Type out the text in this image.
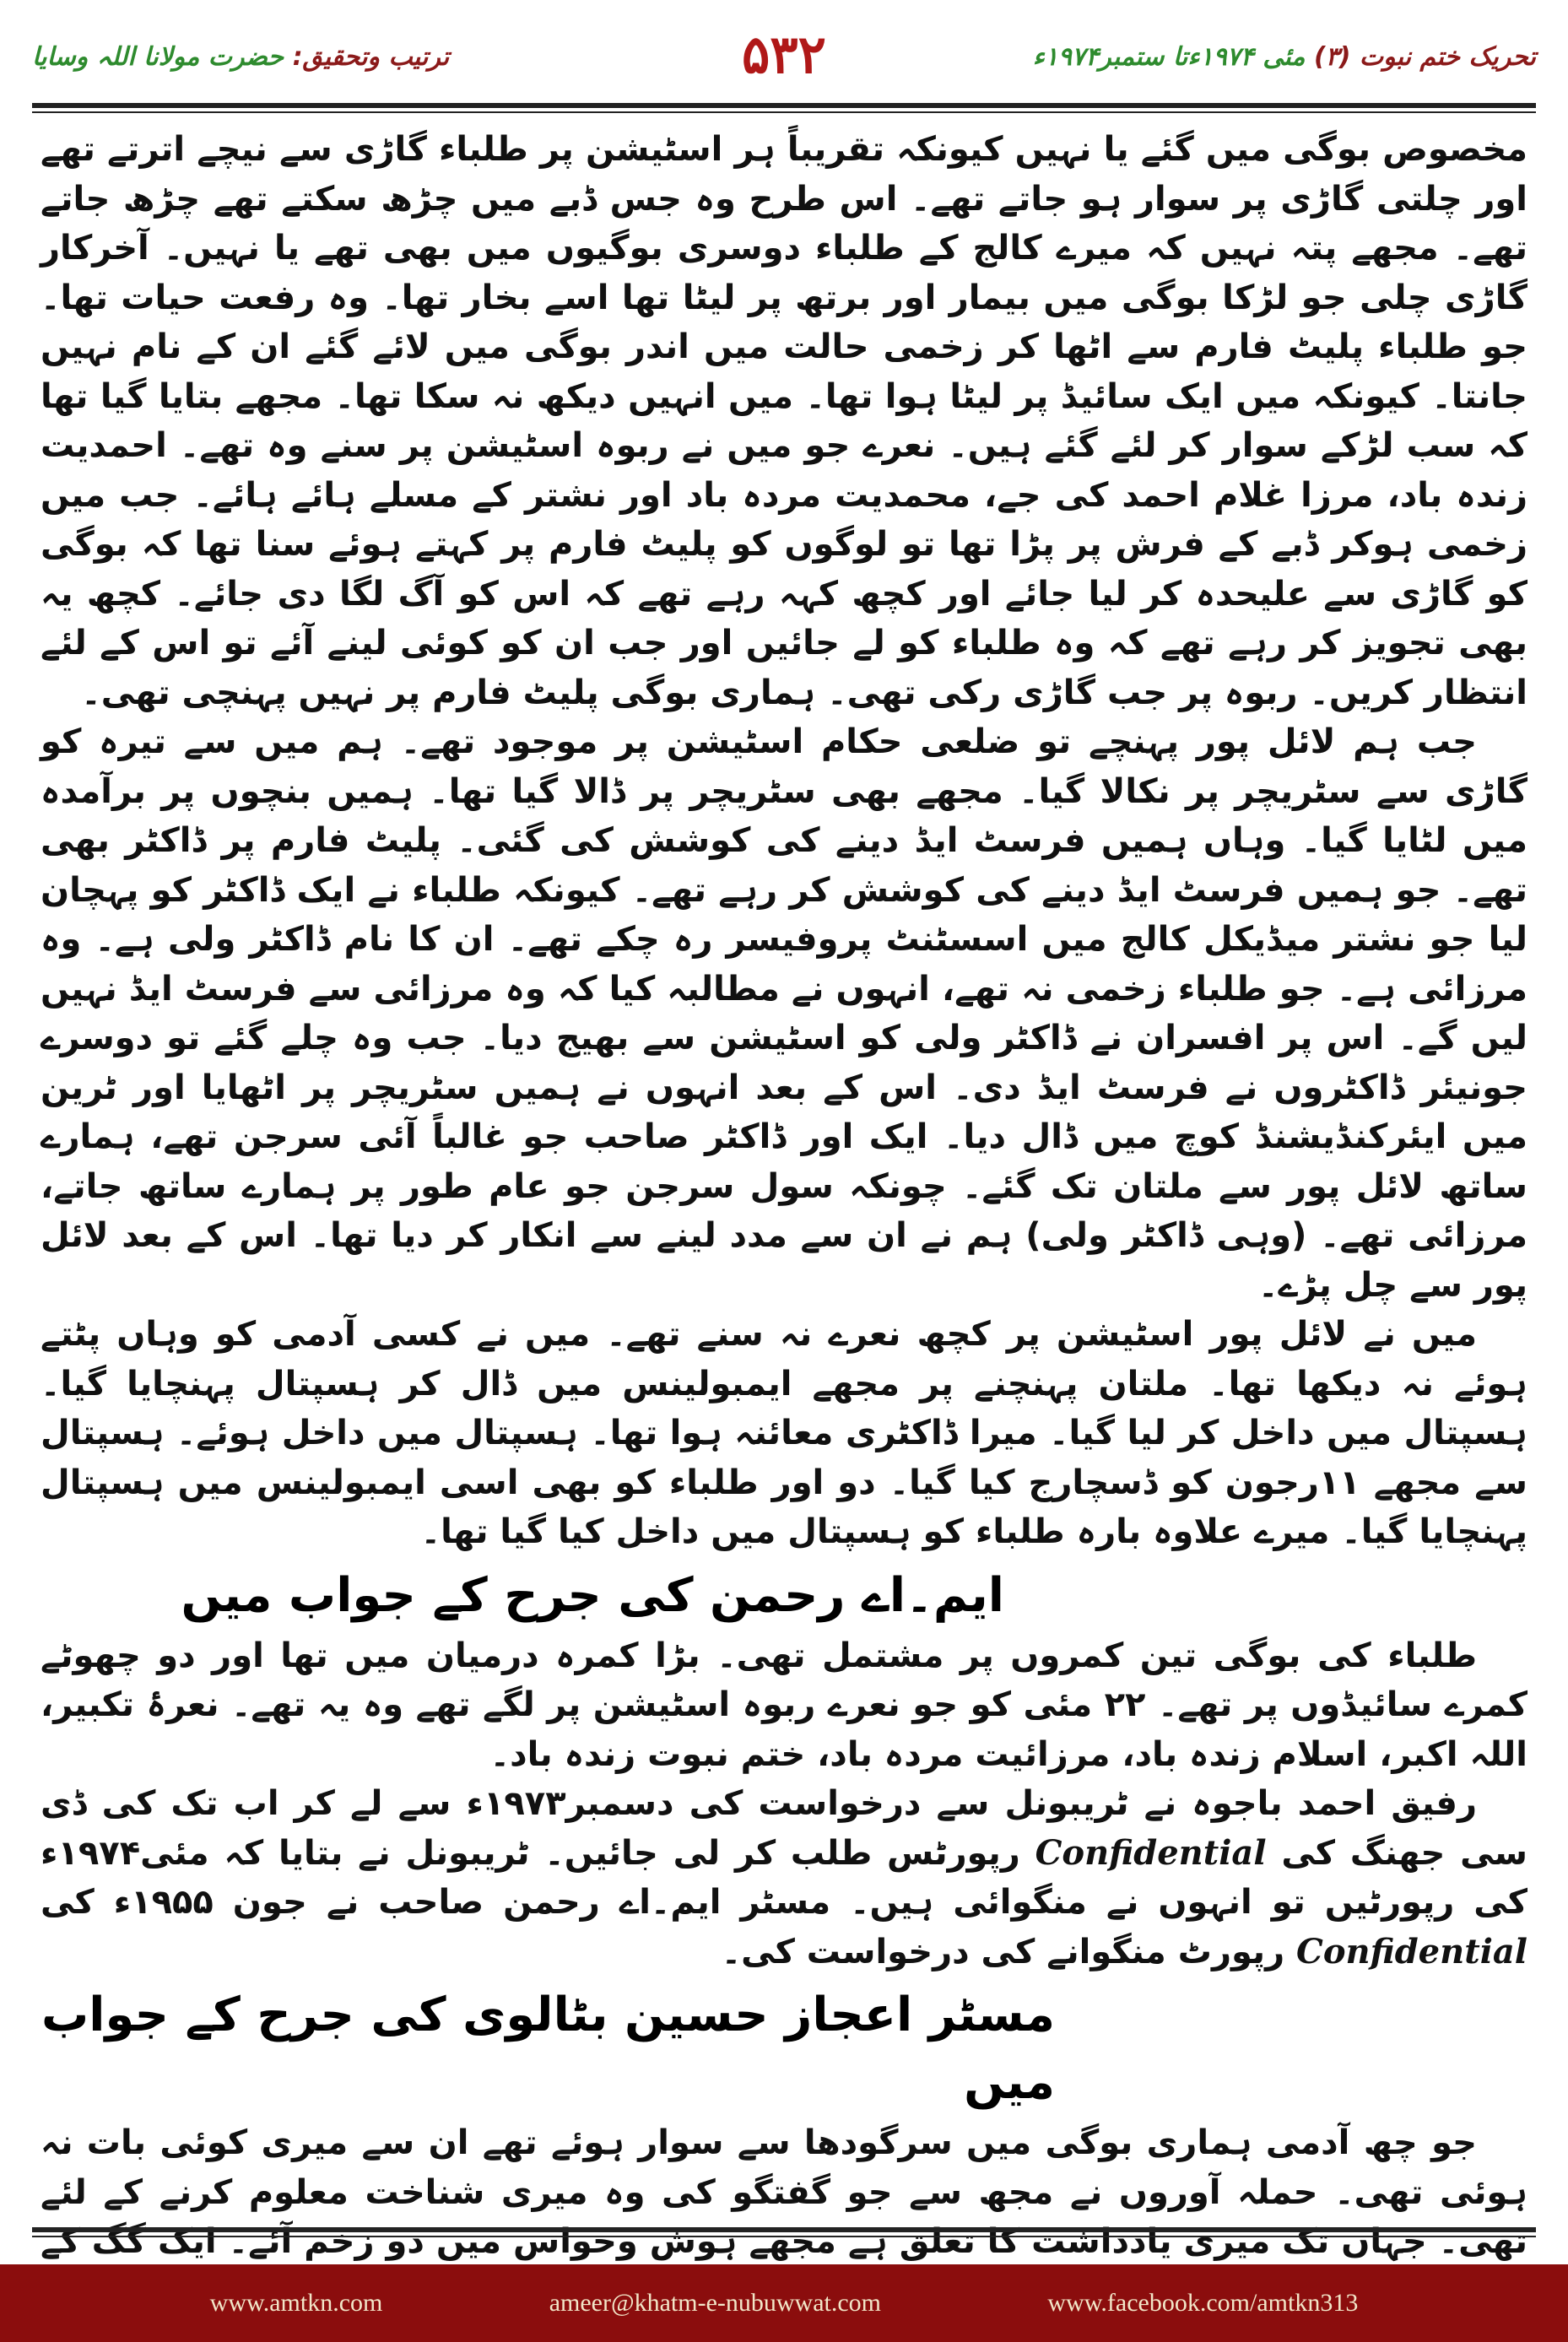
تحریک ختم نبوت (۳) مئی ۱۹۷۴ءتا ستمبر۱۹۷۴ء
۵۳۲
ترتیب وتحقیق: حضرت مولانا اللہ وسایا

مخصوص بوگی میں گئے یا نہیں کیونکہ تقریباً ہر اسٹیشن پر طلباء گاڑی سے نیچے اترتے تھے اور چلتی گاڑی پر سوار ہو جاتے تھے۔ اس طرح وہ جس ڈبے میں چڑھ سکتے تھے چڑھ جاتے تھے۔ مجھے پتہ نہیں کہ میرے کالج کے طلباء دوسری بوگیوں میں بھی تھے یا نہیں۔ آخرکار گاڑی چلی جو لڑکا بوگی میں بیمار اور برتھ پر لیٹا تھا اسے بخار تھا۔ وہ رفعت حیات تھا۔ جو طلباء پلیٹ فارم سے اٹھا کر زخمی حالت میں اندر بوگی میں لائے گئے ان کے نام نہیں جانتا۔ کیونکہ میں ایک سائیڈ پر لیٹا ہوا تھا۔ میں انہیں دیکھ نہ سکا تھا۔ مجھے بتایا گیا تھا کہ سب لڑکے سوار کر لئے گئے ہیں۔ نعرے جو میں نے ربوہ اسٹیشن پر سنے وہ تھے۔ احمدیت زندہ باد، مرزا غلام احمد کی جے، محمدیت مردہ باد اور نشتر کے مسلے ہائے ہائے۔ جب میں زخمی ہوکر ڈبے کے فرش پر پڑا تھا تو لوگوں کو پلیٹ فارم پر کہتے ہوئے سنا تھا کہ بوگی کو گاڑی سے علیحدہ کر لیا جائے اور کچھ کہہ رہے تھے کہ اس کو آگ لگا دی جائے۔ کچھ یہ بھی تجویز کر رہے تھے کہ وہ طلباء کو لے جائیں اور جب ان کو کوئی لینے آئے تو اس کے لئے انتظار کریں۔ ربوہ پر جب گاڑی رکی تھی۔ ہماری بوگی پلیٹ فارم پر نہیں پہنچی تھی۔

جب ہم لائل پور پہنچے تو ضلعی حکام اسٹیشن پر موجود تھے۔ ہم میں سے تیرہ کو گاڑی سے سٹریچر پر نکالا گیا۔ مجھے بھی سٹریچر پر ڈالا گیا تھا۔ ہمیں بنچوں پر برآمدہ میں لٹایا گیا۔ وہاں ہمیں فرسٹ ایڈ دینے کی کوشش کی گئی۔ پلیٹ فارم پر ڈاکٹر بھی تھے۔ جو ہمیں فرسٹ ایڈ دینے کی کوشش کر رہے تھے۔ کیونکہ طلباء نے ایک ڈاکٹر کو پہچان لیا جو نشتر میڈیکل کالج میں اسسٹنٹ پروفیسر رہ چکے تھے۔ ان کا نام ڈاکٹر ولی ہے۔ وہ مرزائی ہے۔ جو طلباء زخمی نہ تھے، انہوں نے مطالبہ کیا کہ وہ مرزائی سے فرسٹ ایڈ نہیں لیں گے۔ اس پر افسران نے ڈاکٹر ولی کو اسٹیشن سے بھیج دیا۔ جب وہ چلے گئے تو دوسرے جونیئر ڈاکٹروں نے فرسٹ ایڈ دی۔ اس کے بعد انہوں نے ہمیں سٹریچر پر اٹھایا اور ٹرین میں ایئرکنڈیشنڈ کوچ میں ڈال دیا۔ ایک اور ڈاکٹر صاحب جو غالباً آئی سرجن تھے، ہمارے ساتھ لائل پور سے ملتان تک گئے۔ چونکہ سول سرجن جو عام طور پر ہمارے ساتھ جاتے، مرزائی تھے۔ (وہی ڈاکٹر ولی) ہم نے ان سے مدد لینے سے انکار کر دیا تھا۔ اس کے بعد لائل پور سے چل پڑے۔

میں نے لائل پور اسٹیشن پر کچھ نعرے نہ سنے تھے۔ میں نے کسی آدمی کو وہاں پٹتے ہوئے نہ دیکھا تھا۔ ملتان پہنچنے پر مجھے ایمبولینس میں ڈال کر ہسپتال پہنچایا گیا۔ ہسپتال میں داخل کر لیا گیا۔ میرا ڈاکٹری معائنہ ہوا تھا۔ ہسپتال میں داخل ہوئے۔ ہسپتال سے مجھے ۱۱رجون کو ڈسچارج کیا گیا۔ دو اور طلباء کو بھی اسی ایمبولینس میں ہسپتال پہنچایا گیا۔ میرے علاوہ بارہ طلباء کو ہسپتال میں داخل کیا گیا تھا۔

ایم۔اے رحمن کی جرح کے جواب میں

طلباء کی بوگی تین کمروں پر مشتمل تھی۔ بڑا کمرہ درمیان میں تھا اور دو چھوٹے کمرے سائیڈوں پر تھے۔ ۲۲ مئی کو جو نعرے ربوہ اسٹیشن پر لگے تھے وہ یہ تھے۔ نعرۂ تکبیر، اللہ اکبر، اسلام زندہ باد، مرزائیت مردہ باد، ختم نبوت زندہ باد۔

رفیق احمد باجوہ نے ٹریبونل سے درخواست کی دسمبر۱۹۷۳ء سے لے کر اب تک کی ڈی سی جھنگ کی Confidential رپورٹس طلب کر لی جائیں۔ ٹریبونل نے بتایا کہ مئی۱۹۷۴ء کی رپورٹیں تو انہوں نے منگوائی ہیں۔ مسٹر ایم۔اے رحمن صاحب نے جون ۱۹۵۵ء کی Confidential رپورٹ منگوانے کی درخواست کی۔

مسٹر اعجاز حسین بٹالوی کی جرح کے جواب میں

جو چھ آدمی ہماری بوگی میں سرگودھا سے سوار ہوئے تھے ان سے میری کوئی بات نہ ہوئی تھی۔ حملہ آوروں نے مجھ سے جو گفتگو کی وہ میری شناخت معلوم کرنے کے لئے تھی۔ جہاں تک میری یادداشت کا تعلق ہے مجھے ہوش وحواس میں دو زخم آئے۔ ایک گگ کے

www.amtkn.com	ameer@khatm-e-nubuwwat.com	www.facebook.com/amtkn313
